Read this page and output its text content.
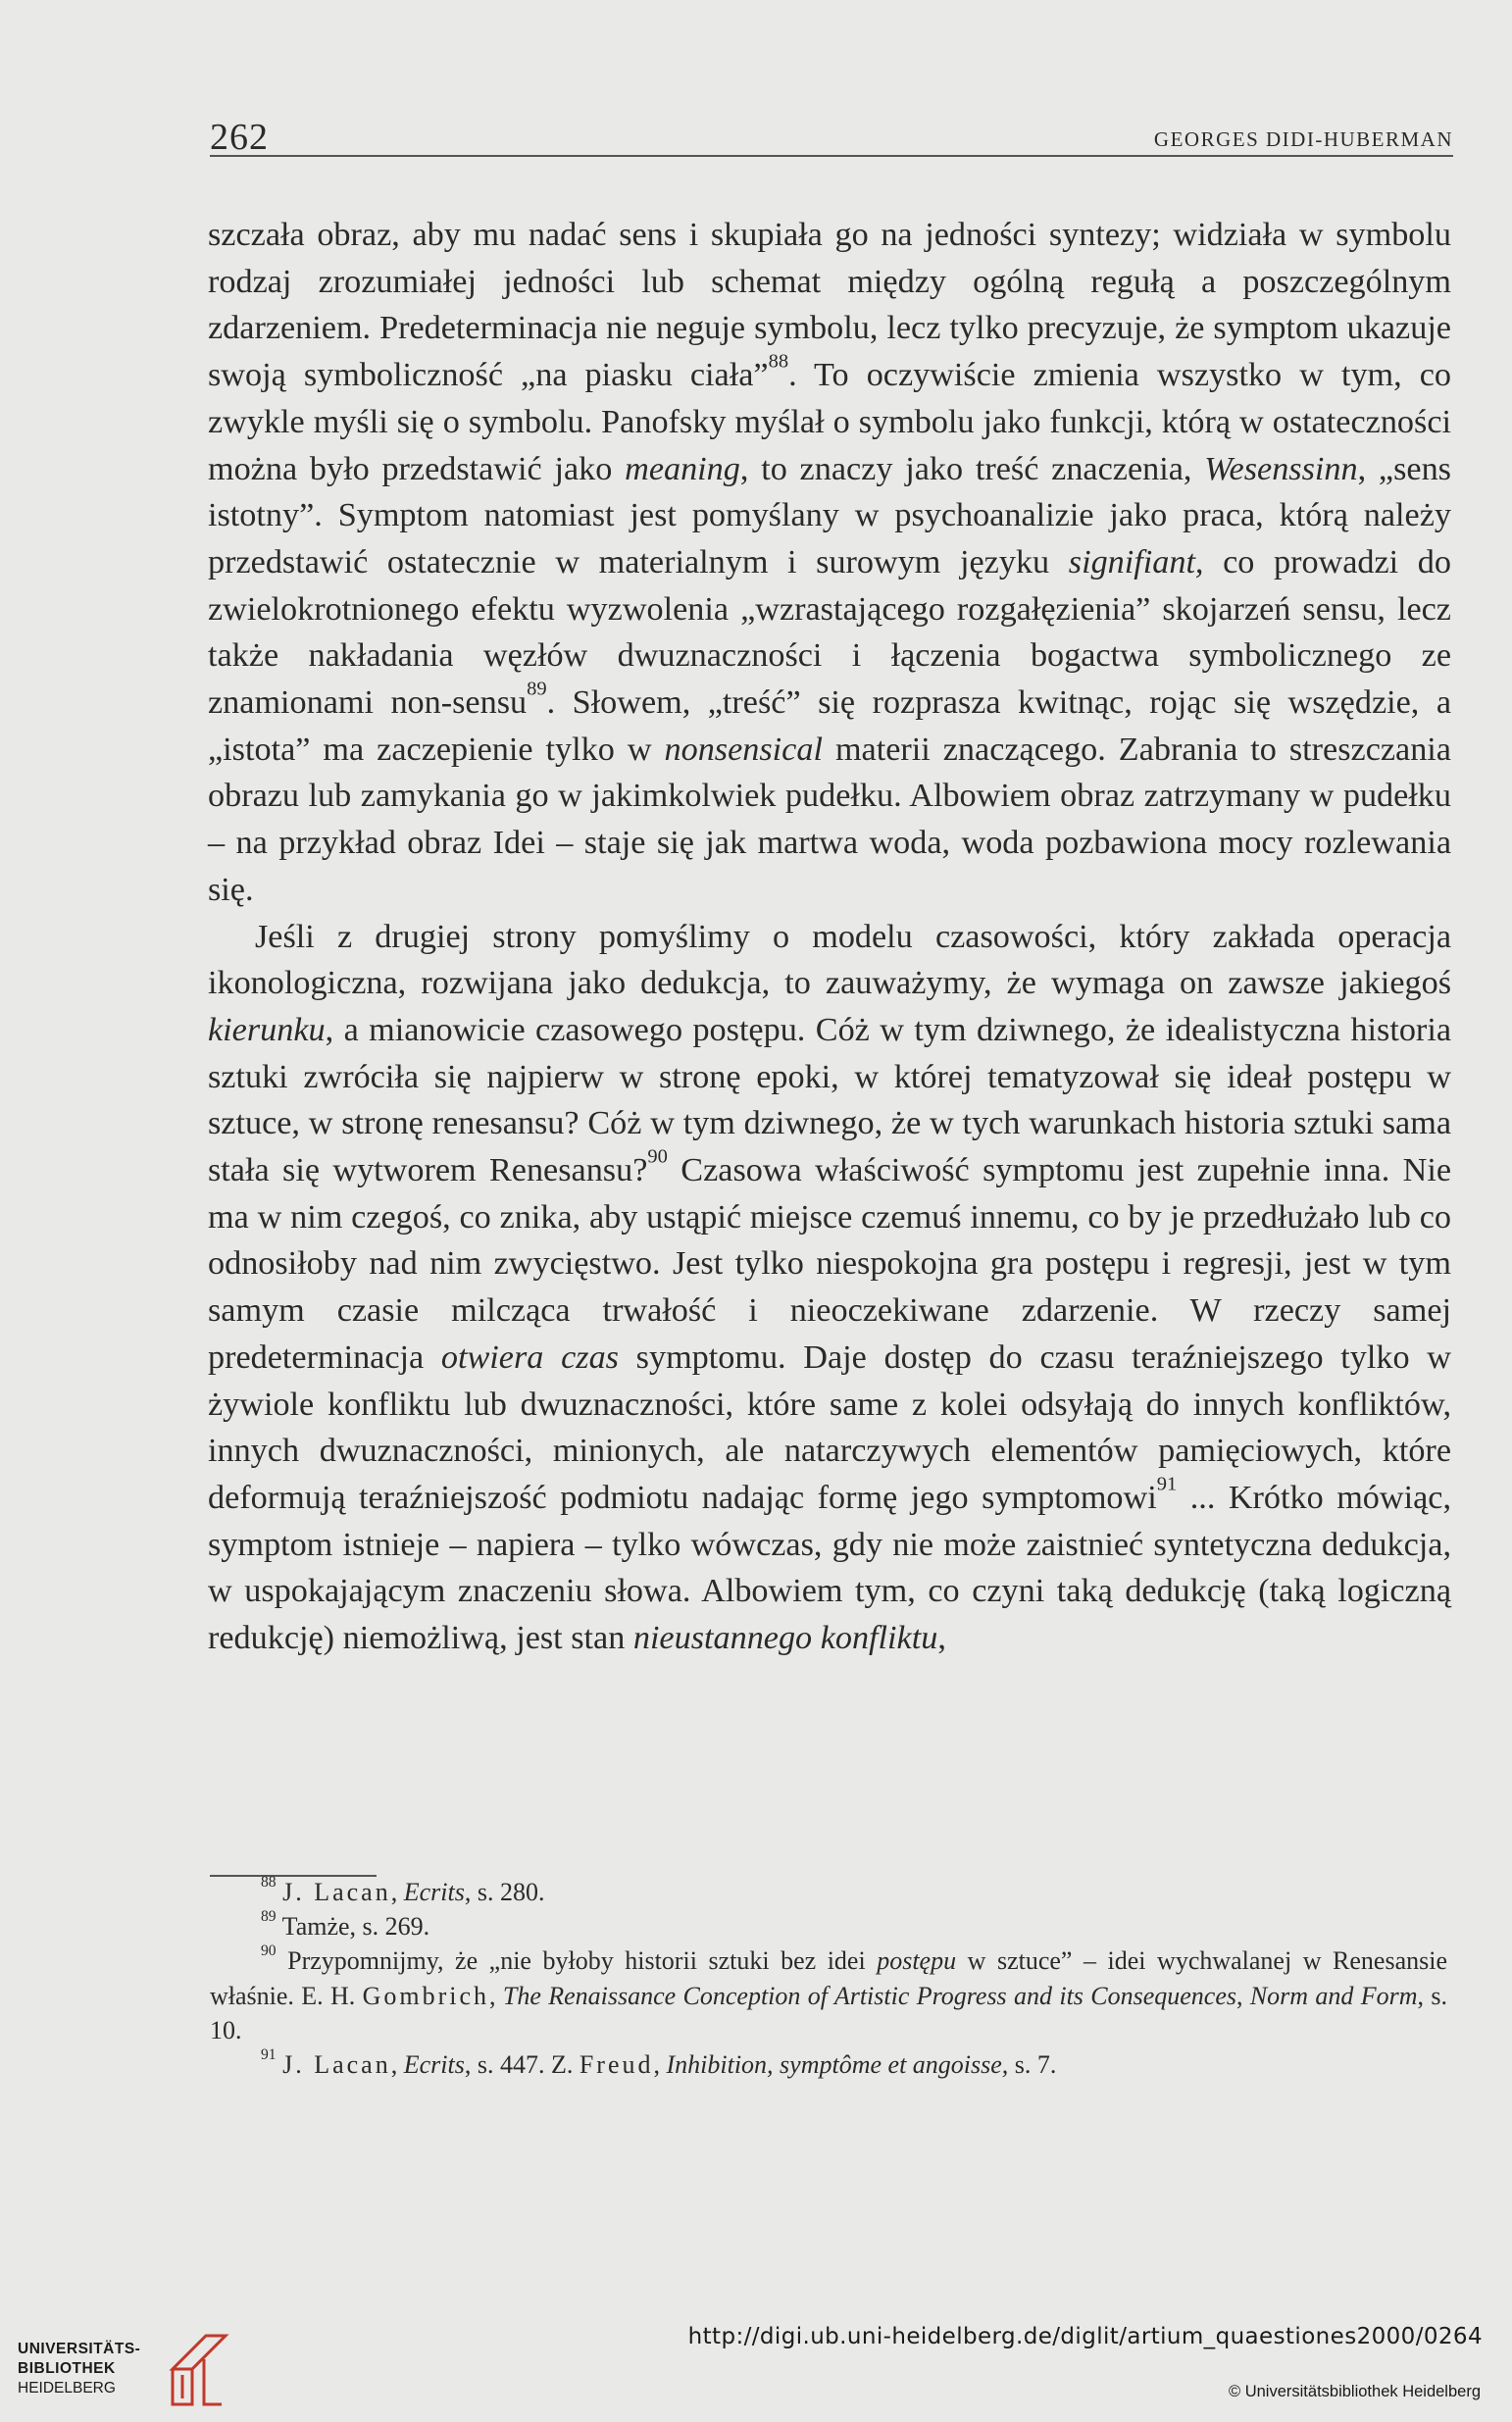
262	GEORGES DIDI-HUBERMAN

szczała obraz, aby mu nadać sens i skupiała go na jedności syntezy; widziała w symbolu rodzaj zrozumiałej jedności lub schemat między ogólną regułą a poszczególnym zdarzeniem. Predeterminacja nie neguje symbolu, lecz tylko precyzuje, że symptom ukazuje swoją symboliczność „na piasku ciała”$^{88}$. To oczywiście zmienia wszystko w tym, co zwykle myśli się o symbolu. Panofsky myślał o symbolu jako funkcji, którą w ostateczności można było przedstawić jako meaning, to znaczy jako treść znaczenia, Wesenssinn, „sens istotny”. Symptom natomiast jest pomyślany w psychoanalizie jako praca, którą należy przedstawić ostatecznie w materialnym i surowym języku signifiant, co prowadzi do zwielokrotnionego efektu wyzwolenia „wzrastającego rozgałęzienia” skojarzeń sensu, lecz także nakładania węzłów dwuznaczności i łączenia bogactwa symbolicznego ze znamionami non-sensu$^{89}$. Słowem, „treść” się rozprasza kwitnąc, rojąc się wszędzie, a „istota” ma zaczepienie tylko w nonsensical materii znaczącego. Zabrania to streszczania obrazu lub zamykania go w jakimkolwiek pudełku. Albowiem obraz zatrzymany w pudełku – na przykład obraz Idei – staje się jak martwa woda, woda pozbawiona mocy rozlewania się.

Jeśli z drugiej strony pomyślimy o modelu czasowości, który zakłada operacja ikonologiczna, rozwijana jako dedukcja, to zauważymy, że wymaga on zawsze jakiegoś kierunku, a mianowicie czasowego postępu. Cóż w tym dziwnego, że idealistyczna historia sztuki zwróciła się najpierw w stronę epoki, w której tematyzował się ideał postępu w sztuce, w stronę renesansu? Cóż w tym dziwnego, że w tych warunkach historia sztuki sama stała się wytworem Renesansu?$^{90}$ Czasowa właściwość symptomu jest zupełnie inna. Nie ma w nim czegoś, co znika, aby ustąpić miejsce czemuś innemu, co by je przedłużało lub co odnosiłoby nad nim zwycięstwo. Jest tylko niespokojna gra postępu i regresji, jest w tym samym czasie milcząca trwałość i nieoczekiwane zdarzenie. W rzeczy samej predeterminacja otwiera czas symptomu. Daje dostęp do czasu teraźniejszego tylko w żywiole konfliktu lub dwuznaczności, które same z kolei odsyłają do innych konfliktów, innych dwuznaczności, minionych, ale natarczywych elementów pamięciowych, które deformują teraźniejszość podmiotu nadając formę jego symptomowi$^{91}$ ... Krótko mówiąc, symptom istnieje – napiera – tylko wówczas, gdy nie może zaistnieć syntetyczna dedukcja, w uspokajającym znaczeniu słowa. Albowiem tym, co czyni taką dedukcję (taką logiczną redukcję) niemożliwą, jest stan nieustannego konfliktu,

$^{88}$ J. Lacan, Ecrits, s. 280.

$^{89}$ Tamże, s. 269.

$^{90}$ Przypomnijmy, że „nie byłoby historii sztuki bez idei postępu w sztuce” – idei wychwalanej w Renesansie właśnie. E. H. Gombrich, The Renaissance Conception of Artistic Progress and its Consequences, Norm and Form, s. 10.

$^{91}$ J. Lacan, Ecrits, s. 447. Z. Freud, Inhibition, symptôme et angoisse, s. 7.

UNIVERSITÄTS-
BIBLIOTHEK
HEIDELBERG
http://digi.ub.uni-heidelberg.de/diglit/artium_quaestiones2000/0264
© Universitätsbibliothek Heidelberg
